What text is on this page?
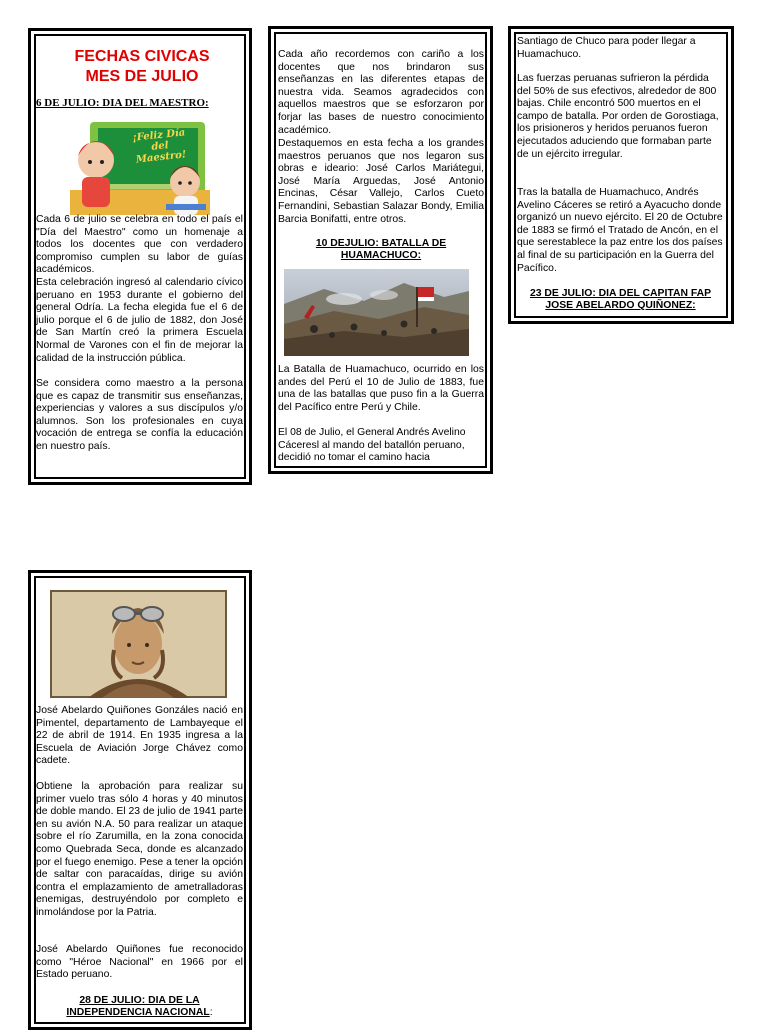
FECHAS CIVICAS
MES DE JULIO
6 DE JULIO: DIA DEL MAESTRO:
¡Feliz Día del Maestro!
Cada 6 de julio se celebra en todo el país el "Día del Maestro" como un homenaje a todos los docentes que con verdadero compromiso cumplen su labor de guías académicos.
Esta celebración ingresó al calendario cívico peruano en 1953 durante el gobierno del general Odría. La fecha elegida fue el 6 de julio porque el 6 de julio de 1882, don José de San Martín creó la primera Escuela Normal de Varones con el fin de mejorar la calidad de la instrucción pública.
Se considera como maestro a la persona que es capaz de transmitir sus enseñanzas, experiencias y valores a sus discípulos y/o alumnos. Son los profesionales en cuya vocación de entrega se confía la educación en nuestro país.
Cada año recordemos con cariño a los docentes que nos brindaron sus enseñanzas en las diferentes etapas de nuestra vida. Seamos agradecidos con aquellos maestros que se esforzaron por forjar las bases de nuestro conocimiento académico.
Destaquemos en esta fecha a los grandes maestros peruanos que nos legaron sus obras e ideario: José Carlos Mariátegui, José María Arguedas, José Antonio Encinas, César Vallejo, Carlos Cueto Fernandini, Sebastian Salazar Bondy, Emilia Barcia Bonifatti, entre otros.
10 DEJULIO: BATALLA DE
HUAMACHUCO:
La Batalla de Huamachuco, ocurrido en los andes del Perú el 10 de Julio de 1883, fue una de las batallas que puso fin a la Guerra del Pacífico entre Perú y Chile.
El 08 de Julio, el General Andrés Avelino Cáceresl al mando del batallón peruano, decidió no tomar el camino hacia
Santiago de Chuco para poder llegar a Huamachuco.
Las fuerzas peruanas sufrieron la pérdida del 50% de sus efectivos, alrededor de 800 bajas. Chile encontró 500 muertos en el campo de batalla. Por orden de Gorostiaga, los prisioneros y heridos peruanos fueron ejecutados aduciendo que formaban parte de un ejército irregular.
Tras la batalla de Huamachuco, Andrés Avelino Cáceres se retiró a Ayacucho donde organizó un nuevo ejército. El 20 de Octubre de 1883 se firmó el Tratado de Ancón, en el que serestablece la paz entre los dos países al final de su participación en la Guerra del Pacífico.
23 DE JULIO: DIA DEL CAPITAN FAP
JOSE ABELARDO QUIÑONEZ:
José Abelardo Quiñones Gonzáles nació en Pimentel, departamento de Lambayeque el 22 de abril de 1914. En 1935 ingresa a la Escuela de Aviación Jorge Chávez como cadete.
Obtiene la aprobación para realizar su primer vuelo tras sólo 4 horas y 40 minutos de doble mando. El 23 de julio de 1941 parte en su avión N.A. 50 para realizar un ataque sobre el río Zarumilla, en la zona conocida como Quebrada Seca, donde es alcanzado por el fuego enemigo. Pese a tener la opción de saltar con paracaídas, dirige su avión contra el emplazamiento de ametralladoras enemigas, destruyéndolo por completo e inmolándose por la Patria.
José Abelardo Quiñones fue reconocido como "Héroe Nacional" en 1966 por el Estado peruano.
28 DE JULIO: DIA DE LA
INDEPENDENCIA NACIONAL:
